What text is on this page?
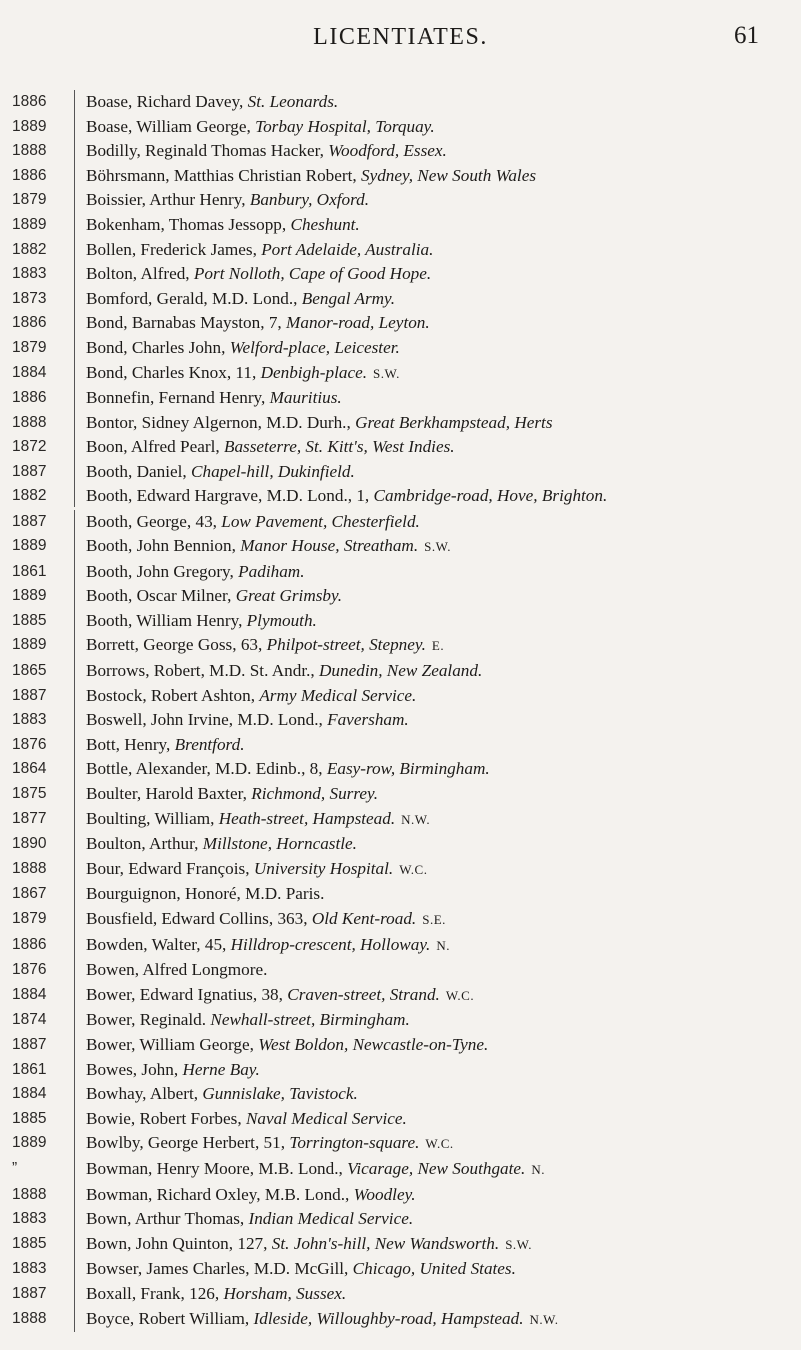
LICENTIATES.	61
1886	Boase, Richard Davey, St. Leonards.
1889	Boase, William George, Torbay Hospital, Torquay.
1888	Bodilly, Reginald Thomas Hacker, Woodford, Essex.
1886	Böhrsmann, Matthias Christian Robert, Sydney, New South Wales
1879	Boissier, Arthur Henry, Banbury, Oxford.
1889	Bokenham, Thomas Jessopp, Cheshunt.
1882	Bollen, Frederick James, Port Adelaide, Australia.
1883	Bolton, Alfred, Port Nolloth, Cape of Good Hope.
1873	Bomford, Gerald, M.D. Lond., Bengal Army.
1886	Bond, Barnabas Mayston, 7, Manor-road, Leyton.
1879	Bond, Charles John, Welford-place, Leicester.
1884	Bond, Charles Knox, 11, Denbigh-place. S.W.
1886	Bonnefin, Fernand Henry, Mauritius.
1888	Bontor, Sidney Algernon, M.D. Durh., Great Berkhampstead, Herts
1872	Boon, Alfred Pearl, Basseterre, St. Kitt's, West Indies.
1887	Booth, Daniel, Chapel-hill, Dukinfield.
1882	Booth, Edward Hargrave, M.D. Lond., 1, Cambridge-road, Hove, Brighton.
1887	Booth, George, 43, Low Pavement, Chesterfield.
1889	Booth, John Bennion, Manor House, Streatham. S.W.
1861	Booth, John Gregory, Padiham.
1889	Booth, Oscar Milner, Great Grimsby.
1885	Booth, William Henry, Plymouth.
1889	Borrett, George Goss, 63, Philpot-street, Stepney. E.
1865	Borrows, Robert, M.D. St. Andr., Dunedin, New Zealand.
1887	Bostock, Robert Ashton, Army Medical Service.
1883	Boswell, John Irvine, M.D. Lond., Faversham.
1876	Bott, Henry, Brentford.
1864	Bottle, Alexander, M.D. Edinb., 8, Easy-row, Birmingham.
1875	Boulter, Harold Baxter, Richmond, Surrey.
1877	Boulting, William, Heath-street, Hampstead. N.W.
1890	Boulton, Arthur, Millstone, Horncastle.
1888	Bour, Edward François, University Hospital. W.C.
1867	Bourguignon, Honoré, M.D. Paris.
1879	Bousfield, Edward Collins, 363, Old Kent-road. S.E.
1886	Bowden, Walter, 45, Hilldrop-crescent, Holloway. N.
1876	Bowen, Alfred Longmore.
1884	Bower, Edward Ignatius, 38, Craven-street, Strand. W.C.
1874	Bower, Reginald. Newhall-street, Birmingham.
1887	Bower, William George, West Boldon, Newcastle-on-Tyne.
1861	Bowes, John, Herne Bay.
1884	Bowhay, Albert, Gunnislake, Tavistock.
1885	Bowie, Robert Forbes, Naval Medical Service.
1889	Bowlby, George Herbert, 51, Torrington-square. W.C.
”	Bowman, Henry Moore, M.B. Lond., Vicarage, New Southgate. N.
1888	Bowman, Richard Oxley, M.B. Lond., Woodley.
1883	Bown, Arthur Thomas, Indian Medical Service.
1885	Bown, John Quinton, 127, St. John's-hill, New Wandsworth. S.W.
1883	Bowser, James Charles, M.D. McGill, Chicago, United States.
1887	Boxall, Frank, 126, Horsham, Sussex.
1888	Boyce, Robert William, Idleside, Willoughby-road, Hampstead. N.W.
